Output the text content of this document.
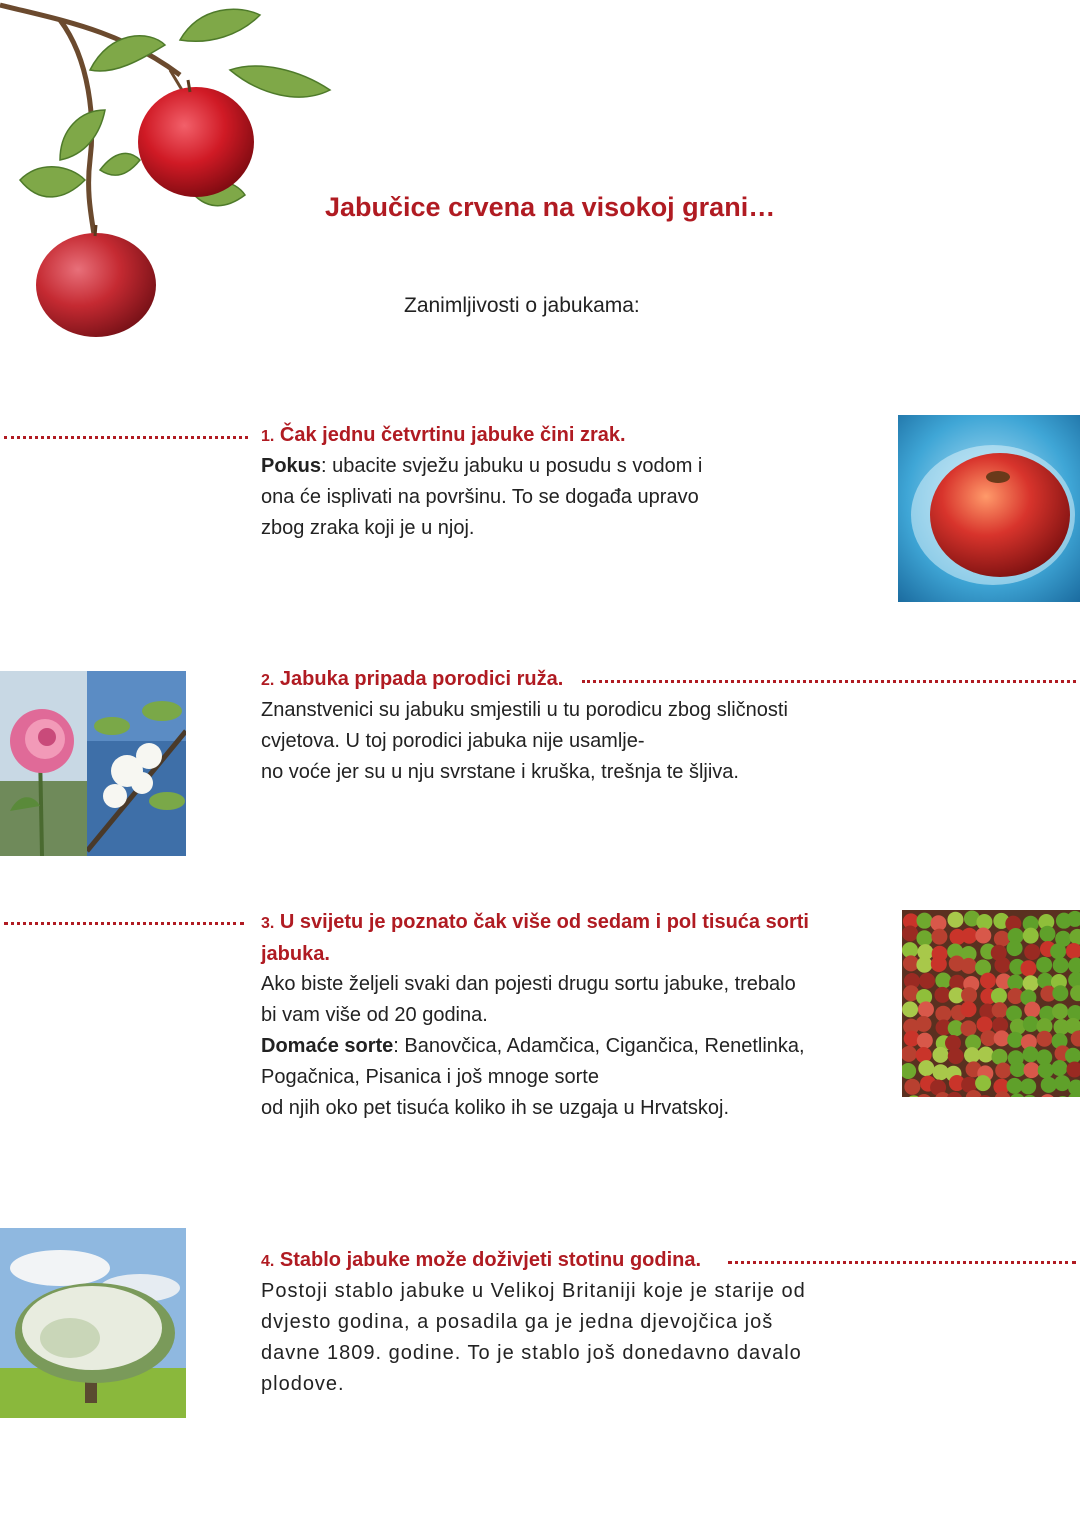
Jabučice crvena na visokoj grani…
Zanimljivosti o jabukama:
1. Čak jednu četvrtinu jabuke čini zrak.
Pokus: ubacite svježu jabuku u posudu s vodom i
ona će isplivati na površinu. To se događa upravo
zbog zraka koji je u njoj.
2. Jabuka pripada porodici ruža.
Znanstvenici su jabuku smjestili u tu porodicu zbog sličnosti
cvjetova. U toj porodici jabuka nije usamlje-
no voće jer su u nju svrstane i kruška, trešnja te šljiva.
3. U svijetu je poznato čak više od sedam i pol tisuća sorti
jabuka.
Ako biste željeli svaki dan pojesti drugu sortu jabuke, trebalo
bi vam više od 20 godina.
Domaće sorte: Banovčica, Adamčica, Cigančica, Renetlinka,
Pogačnica, Pisanica i još mnoge sorte
od njih oko pet tisuća koliko ih se uzgaja u Hrvatskoj.
4. Stablo jabuke može doživjeti stotinu godina.
Postoji stablo jabuke u Velikoj Britaniji koje je starije od
dvjesto godina, a posadila ga je jedna djevojčica još
davne 1809. godine. To je stablo još donedavno davalo
plodove.
